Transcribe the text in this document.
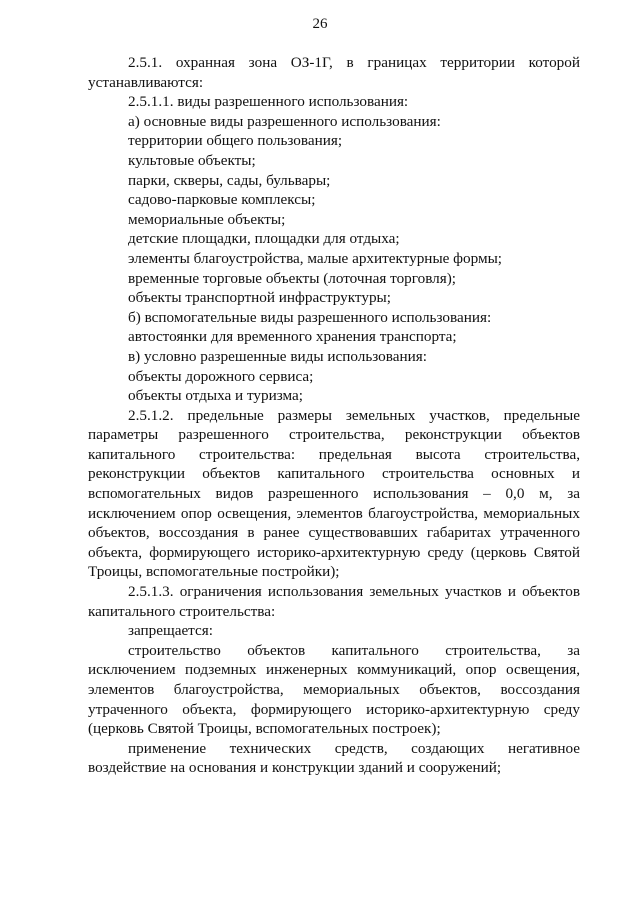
26

2.5.1. охранная зона ОЗ-1Г, в границах территории которой устанавливаются:

2.5.1.1. виды разрешенного использования:

а) основные виды разрешенного использования:

территории общего пользования;

культовые объекты;

парки, скверы, сады, бульвары;

садово-парковые комплексы;

мемориальные объекты;

детские площадки, площадки для отдыха;

элементы благоустройства, малые архитектурные формы;

временные торговые объекты (лоточная торговля);

объекты транспортной инфраструктуры;

б) вспомогательные виды разрешенного использования:

автостоянки для временного хранения транспорта;

в) условно разрешенные виды использования:

объекты дорожного сервиса;

объекты отдыха и туризма;

2.5.1.2. предельные размеры земельных участков, предельные параметры разрешенного строительства, реконструкции объектов капитального строительства: предельная высота строительства, реконструкции объектов капитального строительства основных и вспомогательных видов разрешенного использования – 0,0 м, за исключением опор освещения, элементов благоустройства, мемориальных объектов, воссоздания в ранее существовавших габаритах утраченного объекта, формирующего историко-архитектурную среду (церковь Святой Троицы, вспомогательные постройки);

2.5.1.3. ограничения использования земельных участков и объектов капитального строительства:

запрещается:

строительство объектов капитального строительства, за исключением подземных инженерных коммуникаций, опор освещения, элементов благоустройства, мемориальных объектов, воссоздания утраченного объекта, формирующего историко-архитектурную среду (церковь Святой Троицы, вспомогательных построек);

применение технических средств, создающих негативное воздействие на основания и конструкции зданий и сооружений;
